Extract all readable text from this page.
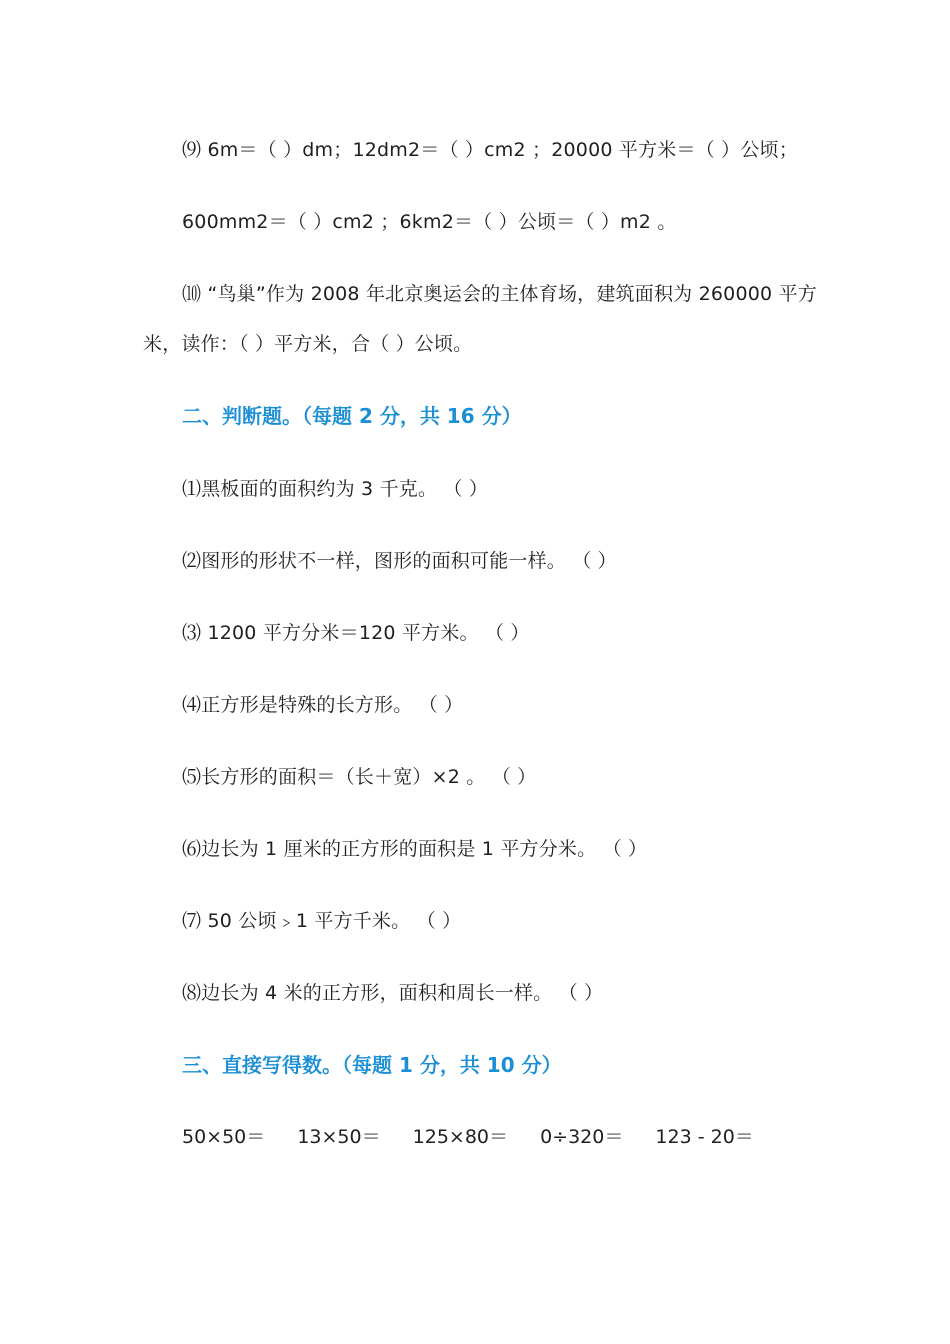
⑼ 6m＝（ ）dm；12dm2＝（ ）cm2 ；20000 平方米＝（ ）公顷；
600mm2＝（ ）cm2 ；6km2＝（ ）公顷＝（ ）m2 。
⑽ “鸟巢”作为 2008 年北京奥运会的主体育场，建筑面积为 260000 平方
米，读作：（ ）平方米，合（ ）公顷。
二、判断题。（每题 2 分，共 16 分）
⑴黑板面的面积约为 3 千克。 （ ）
⑵图形的形状不一样，图形的面积可能一样。 （ ）
⑶ 1200 平方分米＝120 平方米。 （ ）
⑷正方形是特殊的长方形。 （ ）
⑸长方形的面积＝（长＋宽）×2 。 （ ）
⑹边长为 1 厘米的正方形的面积是 1 平方分米。 （ ）
⑺ 50 公顷﹥1 平方千米。 （ ）
⑻边长为 4 米的正方形，面积和周长一样。 （ ）
三、直接写得数。（每题 1 分，共 10 分）
50×50＝ 13×50＝ 125×80＝ 0÷320＝ 123 - 20＝
